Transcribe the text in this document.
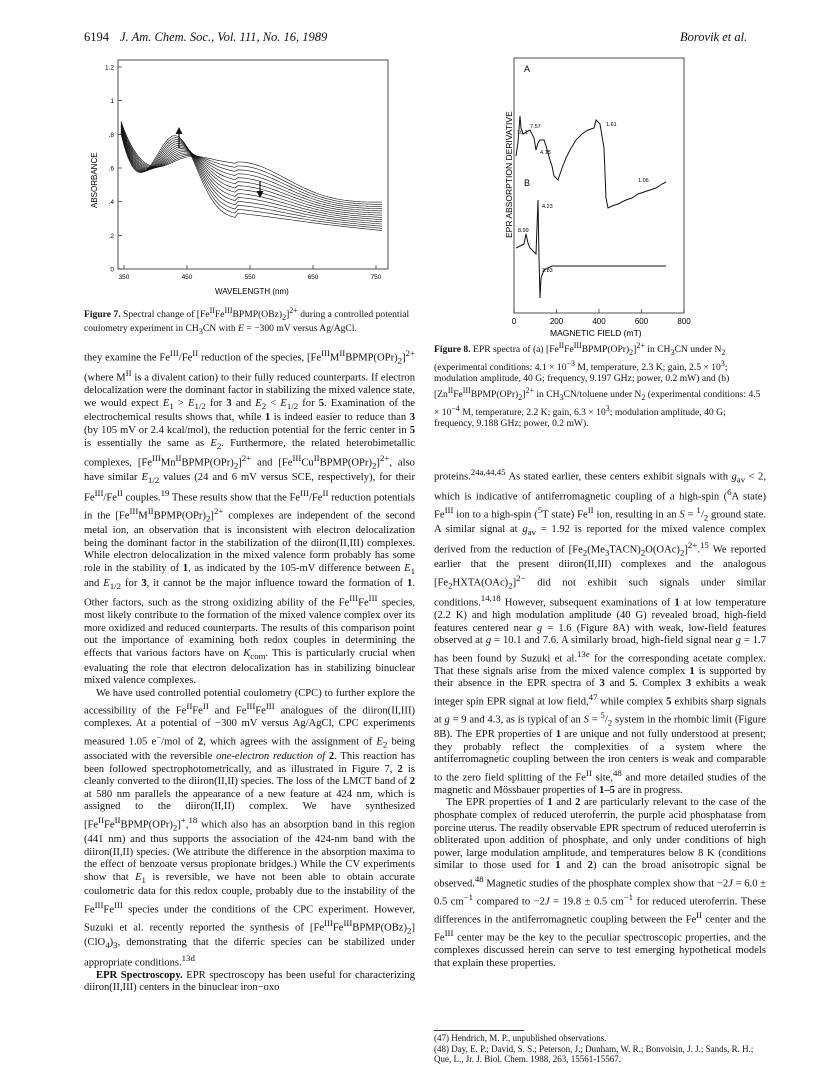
6194 J. Am. Chem. Soc., Vol. 111, No. 16, 1989	Borovik et al.
1.2
1
.8
.6
.4
.2
0
350	450	550	650	750
ABSORBANCE
WAVELENGTH (nm)
Figure 7. Spectral change of $[Fe^{II}Fe^{III}BPMP(OBz)_2]^{2+}$ during a controlled potential coulometry experiment in $CH_3CN$ with E = −300 mV versus Ag/AgCl.
EPR ABSORPTION DERIVATIVE
0	200	400	600	800
MAGNETIC FIELD (mT)
A
10.1
7.57
4.18
1.61
1.06
B
8.99
4.23
3.83
Figure 8. EPR spectra of (a) $[Fe^{II}Fe^{III}BPMP(OPr)_2]^{2+}$ in $CH_3CN$ under $N_2$ (experimental conditions: $4.1 \times 10^{-3}$ M, temperature, 2.3 K; gain, $2.5 \times 10^3$; modulation amplitude, 40 G; frequency, 9.197 GHz; power, 0.2 mW) and (b) $[Zn^{II}Fe^{III}BPMP(OPr)_2]^{2+}$ in $CH_3CN$/toluene under $N_2$ (experimental conditions: $4.5 \times 10^{-4}$ M, temperature, 2.2 K; gain, $6.3 \times 10^3$; modulation amplitude, 40 G; frequency, 9.188 GHz; power, 0.2 mW).

they examine the $Fe^{III}/Fe^{II}$ reduction of the species, $[Fe^{III}M^{II}BPMP(OPr)_2]^{2+}$ (where $M^{II}$ is a divalent cation) to their fully reduced counterparts. If electron delocalization were the dominant factor in stabilizing the mixed valence state, we would expect $E_1 > E_{1/2}$ for 3 and $E_2 < E_{1/2}$ for 5. Examination of the electrochemical results shows that, while 1 is indeed easier to reduce than 3 (by 105 mV or 2.4 kcal/mol), the reduction potential for the ferric center in 5 is essentially the same as $E_2$. Furthermore, the related heterobimetallic complexes, $[Fe^{III}Mn^{II}BPMP(OPr)_2]^{2+}$ and $[Fe^{III}Cu^{II}BPMP(OPr)_2]^{2+}$, also have similar $E_{1/2}$ values (24 and 6 mV versus SCE, respectively), for their $Fe^{III}/Fe^{II}$ couples.$^{19}$ These results show that the $Fe^{III}/Fe^{II}$ reduction potentials in the $[Fe^{III}M^{II}BPMP(OPr)_2]^{2+}$ complexes are independent of the second metal ion, an observation that is inconsistent with electron delocalization being the dominant factor in the stabilization of the diiron(II,III) complexes. While electron delocalization in the mixed valence form probably has some role in the stability of 1, as indicated by the 105-mV difference between $E_1$ and $E_{1/2}$ for 3, it cannot be the major influence toward the formation of 1. Other factors, such as the strong oxidizing ability of the $Fe^{III}Fe^{III}$ species, most likely contribute to the formation of the mixed valence complex over its more oxidized and reduced counterparts. The results of this comparison point out the importance of examining both redox couples in determining the effects that various factors have on $K_{com}$. This is particularly crucial when evaluating the role that electron delocalization has in stabilizing binuclear mixed valence complexes.

We have used controlled potential coulometry (CPC) to further explore the accessibility of the $Fe^{II}Fe^{II}$ and $Fe^{III}Fe^{III}$ analogues of the diiron(II,III) complexes. At a potential of −300 mV versus Ag/AgCl, CPC experiments measured 1.05 e−/mol of 2, which agrees with the assignment of $E_2$ being associated with the reversible one-electron reduction of 2. This reaction has been followed spectrophotometrically, and as illustrated in Figure 7, 2 is cleanly converted to the diiron(II,II) species. The loss of the LMCT band of 2 at 580 nm parallels the appearance of a new feature at 424 nm, which is assigned to the diiron(II,II) complex. We have synthesized $[Fe^{II}Fe^{II}BPMP(OPr)_2]^+,^{18}$ which also has an absorption band in this region (441 nm) and thus supports the association of the 424-nm band with the diiron(II,II) species. (We attribute the difference in the absorption maxima to the effect of benzoate versus propionate bridges.) While the CV experiments show that $E_1$ is reversible, we have not been able to obtain accurate coulometric data for this redox couple, probably due to the instability of the $Fe^{III}Fe^{III}$ species under the conditions of the CPC experiment. However, Suzuki et al. recently reported the synthesis of $[Fe^{III}Fe^{III}BPMP(OBz)_2](ClO_4)_3$, demonstrating that the diferric species can be stabilized under appropriate conditions.$^{13d}$

EPR Spectroscopy. EPR spectroscopy has been useful for characterizing diiron(II,III) centers in the binuclear iron−oxo

proteins.$^{24a,44,45}$ As stated earlier, these centers exhibit signals with $g_{av} < 2$, which is indicative of antiferromagnetic coupling of a high-spin ($^6$A state) $Fe^{III}$ ion to a high-spin ($^5$T state) $Fe^{II}$ ion, resulting in an $S = ^1/_2$ ground state. A similar signal at $g_{av} = 1.92$ is reported for the mixed valence complex derived from the reduction of $[Fe_2(Me_3TACN)_2O(OAc)_2]^{2+}.^{15}$ We reported earlier that the present diiron(II,III) complexes and the analogous $[Fe_2HXTA(OAc)_2]^{2-}$ did not exhibit such signals under similar conditions.$^{14,18}$ However, subsequent examinations of 1 at low temperature (2.2 K) and high modulation amplitude (40 G) revealed broad, high-field features centered near g = 1.6 (Figure 8A) with weak, low-field features observed at g = 10.1 and 7.6. A similarly broad, high-field signal near g = 1.7 has been found by Suzuki et al.$^{13e}$ for the corresponding acetate complex. That these signals arise from the mixed valence complex 1 is supported by their absence in the EPR spectra of 3 and 5. Complex 3 exhibits a weak integer spin EPR signal at low field,$^{47}$ while complex 5 exhibits sharp signals at g = 9 and 4.3, as is typical of an $S = ^5/_2$ system in the rhombic limit (Figure 8B). The EPR properties of 1 are unique and not fully understood at present; they probably reflect the complexities of a system where the antiferromagnetic coupling between the iron centers is weak and comparable to the zero field splitting of the $Fe^{II}$ site,$^{48}$ and more detailed studies of the magnetic and Mössbauer properties of 1–5 are in progress.

The EPR properties of 1 and 2 are particularly relevant to the case of the phosphate complex of reduced uteroferrin, the purple acid phosphatase from porcine uterus. The readily observable EPR spectrum of reduced uteroferrin is obliterated upon addition of phosphate, and only under conditions of high power, large modulation amplitude, and temperatures below 8 K (conditions similar to those used for 1 and 2) can the broad anisotropic signal be observed.$^{48}$ Magnetic studies of the phosphate complex show that −2J = 6.0 ± 0.5 $cm^{-1}$ compared to −2J = 19.8 ± 0.5 $cm^{-1}$ for reduced uteroferrin. These differences in the antiferromagnetic coupling between the $Fe^{II}$ center and the $Fe^{III}$ center may be the key to the peculiar spectroscopic properties, and the complexes discussed herein can serve to test emerging hypothetical models that explain these properties.

(47) Hendrich, M. P., unpublished observations.
(48) Day, E. P.; David, S. S.; Peterson, J.; Dunham, W. R.; Bonvoisin, J. J.; Sands, R. H.; Que, L., Jr. J. Biol. Chem. 1988, 263, 15561-15567.
